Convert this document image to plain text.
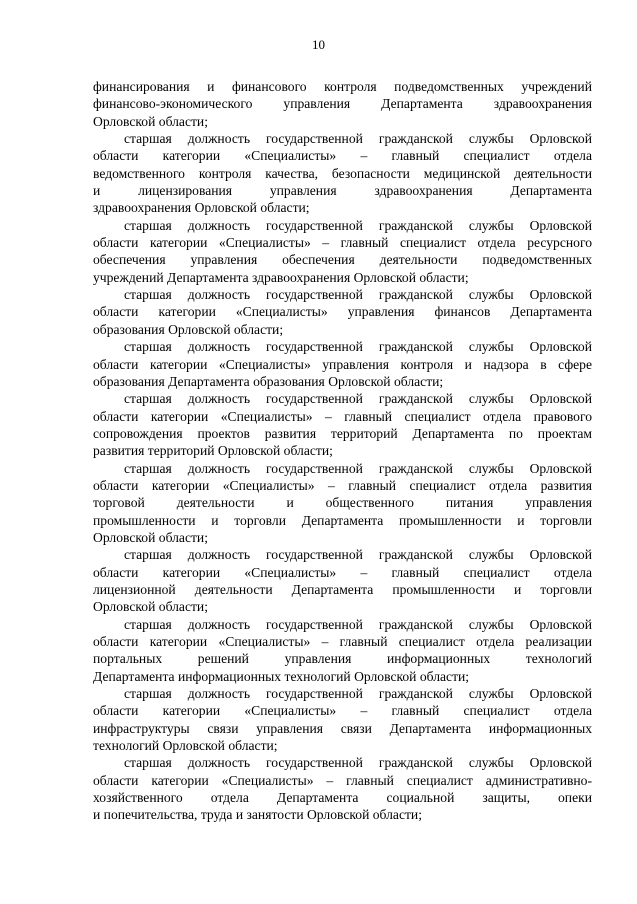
10
финансирования и финансового контроля подведомственных учреждений
финансово-экономического управления Департамента здравоохранения
Орловской области;
старшая должность государственной гражданской службы Орловской
области категории «Специалисты» – главный специалист отдела
ведомственного контроля качества, безопасности медицинской деятельности
и лицензирования управления здравоохранения Департамента
здравоохранения Орловской области;
старшая должность государственной гражданской службы Орловской
области категории «Специалисты» – главный специалист отдела ресурсного
обеспечения управления обеспечения деятельности подведомственных
учреждений Департамента здравоохранения Орловской области;
старшая должность государственной гражданской службы Орловской
области категории «Специалисты» управления финансов Департамента
образования Орловской области;
старшая должность государственной гражданской службы Орловской
области категории «Специалисты» управления контроля и надзора в сфере
образования Департамента образования Орловской области;
старшая должность государственной гражданской службы Орловской
области категории «Специалисты» – главный специалист отдела правового
сопровождения проектов развития территорий Департамента по проектам
развития территорий Орловской области;
старшая должность государственной гражданской службы Орловской
области категории «Специалисты» – главный специалист отдела развития
торговой деятельности и общественного питания управления
промышленности и торговли Департамента промышленности и торговли
Орловской области;
старшая должность государственной гражданской службы Орловской
области категории «Специалисты» – главный специалист отдела
лицензионной деятельности Департамента промышленности и торговли
Орловской области;
старшая должность государственной гражданской службы Орловской
области категории «Специалисты» – главный специалист отдела реализации
портальных решений управления информационных технологий
Департамента информационных технологий Орловской области;
старшая должность государственной гражданской службы Орловской
области категории «Специалисты» – главный специалист отдела
инфраструктуры связи управления связи Департамента информационных
технологий Орловской области;
старшая должность государственной гражданской службы Орловской
области категории «Специалисты» – главный специалист административно-
хозяйственного отдела Департамента социальной защиты, опеки
и попечительства, труда и занятости Орловской области;
